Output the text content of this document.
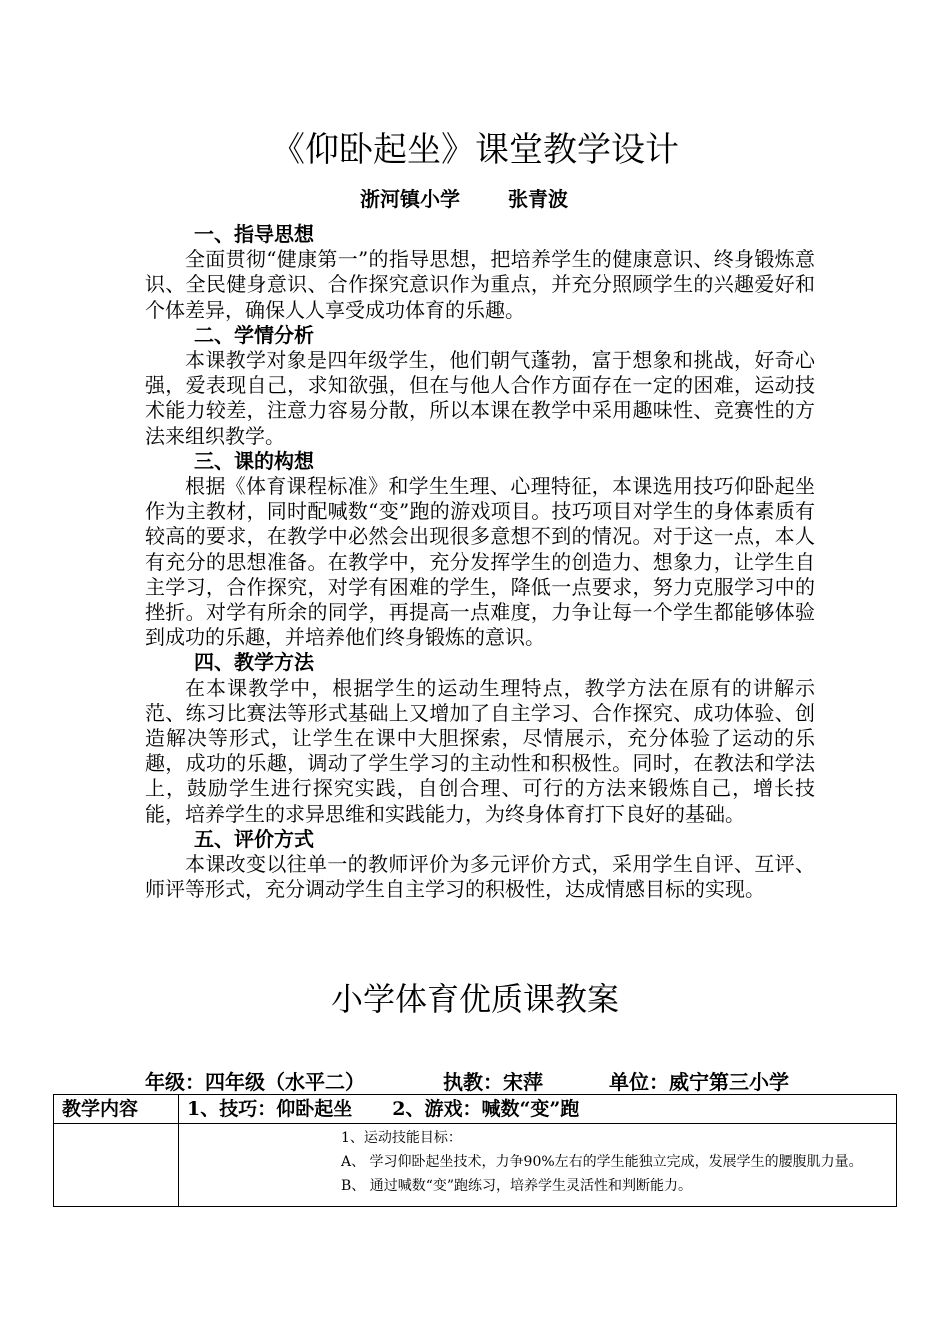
《仰卧起坐》课堂教学设计
浙河镇小学 张青波

一、指导思想

全面贯彻“健康第一”的指导思想，把培养学生的健康意识、终身锻炼意识、全民健身意识、合作探究意识作为重点，并充分照顾学生的兴趣爱好和个体差异，确保人人享受成功体育的乐趣。

二、学情分析

本课教学对象是四年级学生，他们朝气蓬勃，富于想象和挑战，好奇心强，爱表现自己，求知欲强，但在与他人合作方面存在一定的困难，运动技术能力较差，注意力容易分散，所以本课在教学中采用趣味性、竞赛性的方法来组织教学。

三、课的构想

根据《体育课程标准》和学生生理、心理特征，本课选用技巧仰卧起坐作为主教材，同时配喊数“变”跑的游戏项目。技巧项目对学生的身体素质有较高的要求，在教学中必然会出现很多意想不到的情况。对于这一点，本人有充分的思想准备。在教学中，充分发挥学生的创造力、想象力，让学生自主学习，合作探究，对学有困难的学生，降低一点要求，努力克服学习中的挫折。对学有所余的同学，再提高一点难度，力争让每一个学生都能够体验到成功的乐趣，并培养他们终身锻炼的意识。

四、教学方法

在本课教学中，根据学生的运动生理特点，教学方法在原有的讲解示范、练习比赛法等形式基础上又增加了自主学习、合作探究、成功体验、创造解决等形式，让学生在课中大胆探索，尽情展示，充分体验了运动的乐趣，成功的乐趣，调动了学生学习的主动性和积极性。同时，在教法和学法上，鼓励学生进行探究实践，自创合理、可行的方法来锻炼自己，增长技能，培养学生的求异思维和实践能力，为终身体育打下良好的基础。

五、评价方式

本课改变以往单一的教师评价为多元评价方式，采用学生自评、互评、师评等形式，充分调动学生自主学习的积极性，达成情感目标的实现。

小学体育优质课教案
年级：四年级（水平二）	执教：宋萍	单位：威宁第三小学
教学内容	1、技巧：仰卧起坐 2、游戏：喊数“变”跑

	1、运动技能目标：
A、 学习仰卧起坐技术，力争90%左右的学生能独立完成，发展学生的腰腹肌力量。
B、 通过喊数“变”跑练习，培养学生灵活性和判断能力。
